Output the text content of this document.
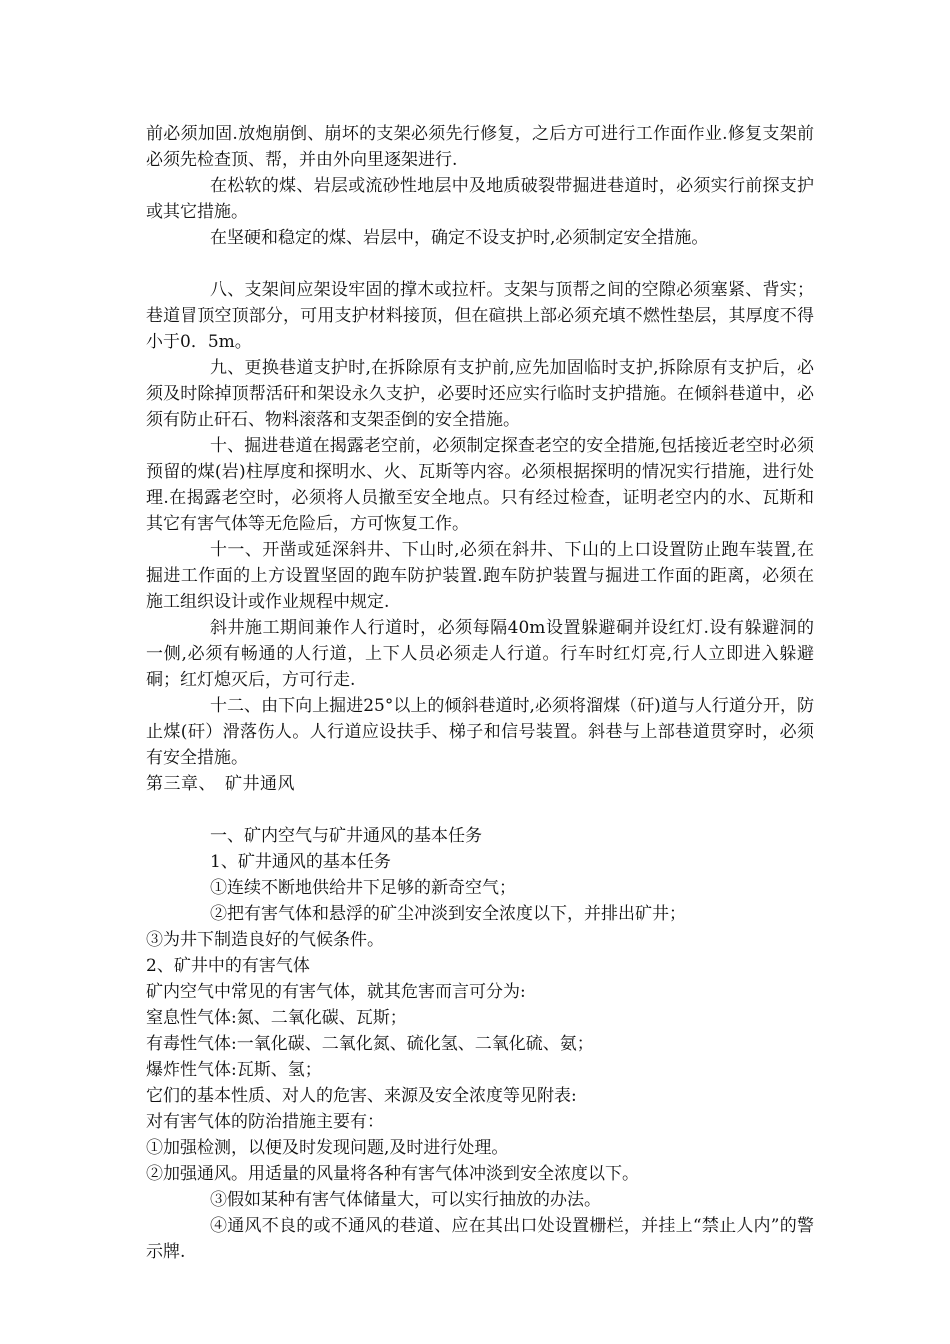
前必须加固.放炮崩倒、崩坏的支架必须先行修复，之后方可进行工作面作业.修复支架前必须先检查顶、帮，并由外向里逐架进行.

在松软的煤、岩层或流砂性地层中及地质破裂带掘进巷道时，必须实行前探支护或其它措施。

在坚硬和稳定的煤、岩层中，确定不设支护时,必须制定安全措施。

八、支架间应架设牢固的撑木或拉杆。支架与顶帮之间的空隙必须塞紧、背实；巷道冒顶空顶部分，可用支护材料接顶，但在碹拱上部必须充填不燃性垫层，其厚度不得小于0．5m。

九、更换巷道支护时,在拆除原有支护前,应先加固临时支护,拆除原有支护后，必须及时除掉顶帮活矸和架设永久支护，必要时还应实行临时支护措施。在倾斜巷道中，必须有防止矸石、物料滚落和支架歪倒的安全措施。

十、掘进巷道在揭露老空前，必须制定探查老空的安全措施,包括接近老空时必须预留的煤(岩)柱厚度和探明水、火、瓦斯等内容。必须根据探明的情况实行措施，进行处理.在揭露老空时，必须将人员撤至安全地点。只有经过检查，证明老空内的水、瓦斯和其它有害气体等无危险后，方可恢复工作。

十一、开凿或延深斜井、下山时,必须在斜井、下山的上口设置防止跑车装置,在掘进工作面的上方设置坚固的跑车防护装置.跑车防护装置与掘进工作面的距离，必须在施工组织设计或作业规程中规定.

斜井施工期间兼作人行道时，必须每隔40m设置躲避硐并设红灯.设有躲避洞的一侧,必须有畅通的人行道，上下人员必须走人行道。行车时红灯亮,行人立即进入躲避硐；红灯熄灭后，方可行走.

十二、由下向上掘进25°以上的倾斜巷道时,必须将溜煤（矸)道与人行道分开，防止煤(矸）滑落伤人。人行道应设扶手、梯子和信号装置。斜巷与上部巷道贯穿时，必须有安全措施。

第三章、　矿井通风

一、矿内空气与矿井通风的基本任务

1、矿井通风的基本任务

①连续不断地供给井下足够的新奇空气；

②把有害气体和悬浮的矿尘冲淡到安全浓度以下，并排出矿井；

③为井下制造良好的气候条件。

2、矿井中的有害气体

矿内空气中常见的有害气体，就其危害而言可分为:

窒息性气体:氮、二氧化碳、瓦斯；

有毒性气体:一氧化碳、二氧化氮、硫化氢、二氧化硫、氨；

爆炸性气体:瓦斯、氢；

它们的基本性质、对人的危害、来源及安全浓度等见附表:

对有害气体的防治措施主要有：

①加强检测，以便及时发现问题,及时进行处理。

②加强通风。用适量的风量将各种有害气体冲淡到安全浓度以下。

③假如某种有害气体储量大，可以实行抽放的办法。

④通风不良的或不通风的巷道、应在其出口处设置栅栏，并挂上“禁止人内”的警示牌.
